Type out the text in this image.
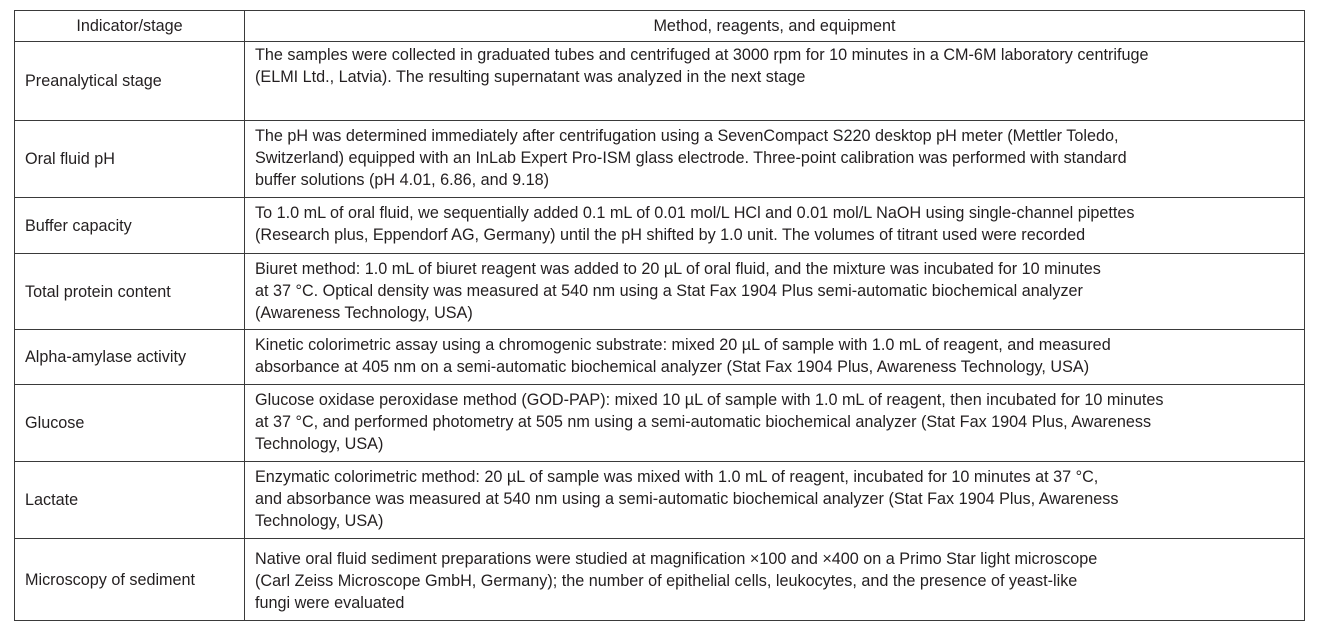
Indicator/stage	Method, reagents, and equipment
Preanalytical stage	The samples were collected in graduated tubes and centrifuged at 3000 rpm for 10 minutes in a CM-6M laboratory centrifuge
(ELMI Ltd., Latvia). The resulting supernatant was analyzed in the next stage

Oral fluid pH	The pH was determined immediately after centrifugation using a SevenCompact S220 desktop pH meter (Mettler Toledo,
Switzerland) equipped with an InLab Expert Pro-ISM glass electrode. Three-point calibration was performed with standard
buffer solutions (pH 4.01, 6.86, and 9.18)

Buffer capacity	To 1.0 mL of oral fluid, we sequentially added 0.1 mL of 0.01 mol/L HCl and 0.01 mol/L NaOH using single-channel pipettes
(Research plus, Eppendorf AG, Germany) until the pH shifted by 1.0 unit. The volumes of titrant used were recorded

Total protein content	Biuret method: 1.0 mL of biuret reagent was added to 20 µL of oral fluid, and the mixture was incubated for 10 minutes
at 37 °C. Optical density was measured at 540 nm using a Stat Fax 1904 Plus semi-automatic biochemical analyzer
(Awareness Technology, USA)

Alpha-amylase activity	Kinetic colorimetric assay using a chromogenic substrate: mixed 20 µL of sample with 1.0 mL of reagent, and measured
absorbance at 405 nm on a semi-automatic biochemical analyzer (Stat Fax 1904 Plus, Awareness Technology, USA)

Glucose	Glucose oxidase peroxidase method (GOD-PAP): mixed 10 µL of sample with 1.0 mL of reagent, then incubated for 10 minutes
at 37 °C, and performed photometry at 505 nm using a semi-automatic biochemical analyzer (Stat Fax 1904 Plus, Awareness
Technology, USA)

Lactate	Enzymatic colorimetric method: 20 µL of sample was mixed with 1.0 mL of reagent, incubated for 10 minutes at 37 °C,
and absorbance was measured at 540 nm using a semi-automatic biochemical analyzer (Stat Fax 1904 Plus, Awareness
Technology, USA)

Microscopy of sediment	Native oral fluid sediment preparations were studied at magnification ×100 and ×400 on a Primo Star light microscope
(Carl Zeiss Microscope GmbH, Germany); the number of epithelial cells, leukocytes, and the presence of yeast-like
fungi were evaluated
